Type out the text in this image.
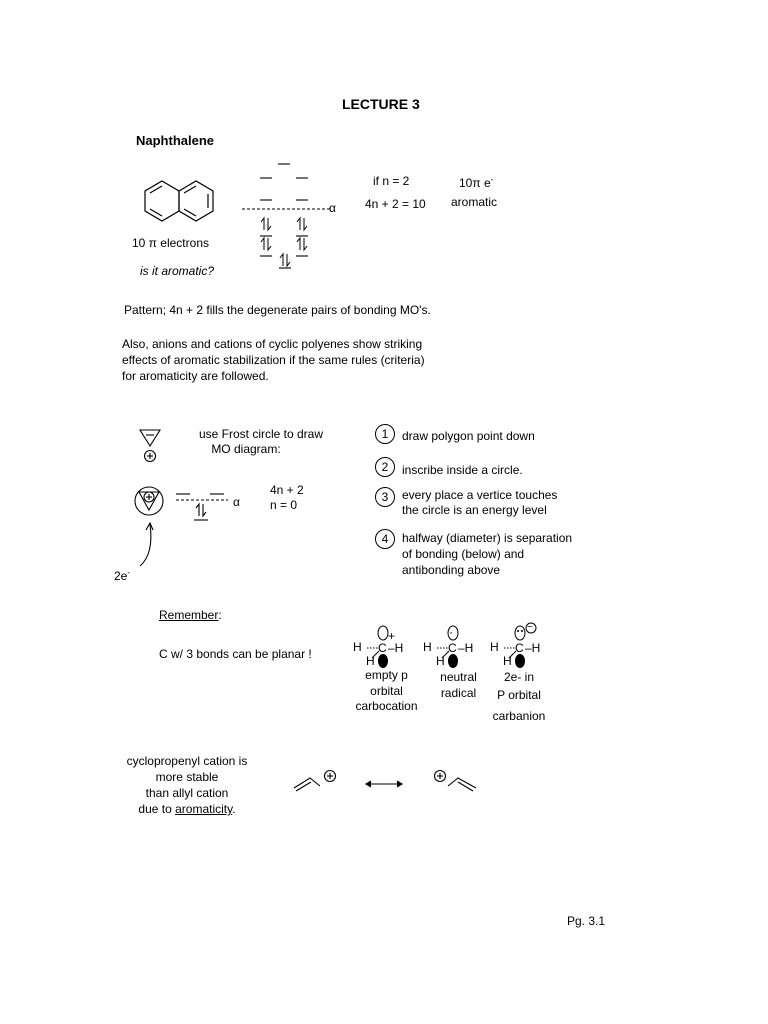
LECTURE 3
Naphthalene
10 π electrons
is it aromatic?
α
if n = 2
4n + 2 = 10
10π e-
aromatic
Pattern; 4n + 2 fills the degenerate pairs of bonding MO's.
Also, anions and cations of cyclic polyenes show striking
effects of aromatic stabilization if the same rules (criteria)
for aromaticity are followed.
use Frost circle to draw
MO diagram:
α
4n + 2
n = 0
2e-
1	draw polygon point down
2	inscribe inside a circle.
3	every place a vertice touches
the circle is an energy level
4	halfway (diameter) is separation
of bonding (below) and
antibonding above
Remember:
C w/ 3 bonds can be planar !	H C
+
–H
H
empty p
orbital
carbocation
H C
·
–H
H
neutral
radical
H C
−
–H
H
2e- in
P orbital
carbanion
cyclopropenyl cation is
more stable
than allyl cation
due to aromaticity.
Pg. 3.1
